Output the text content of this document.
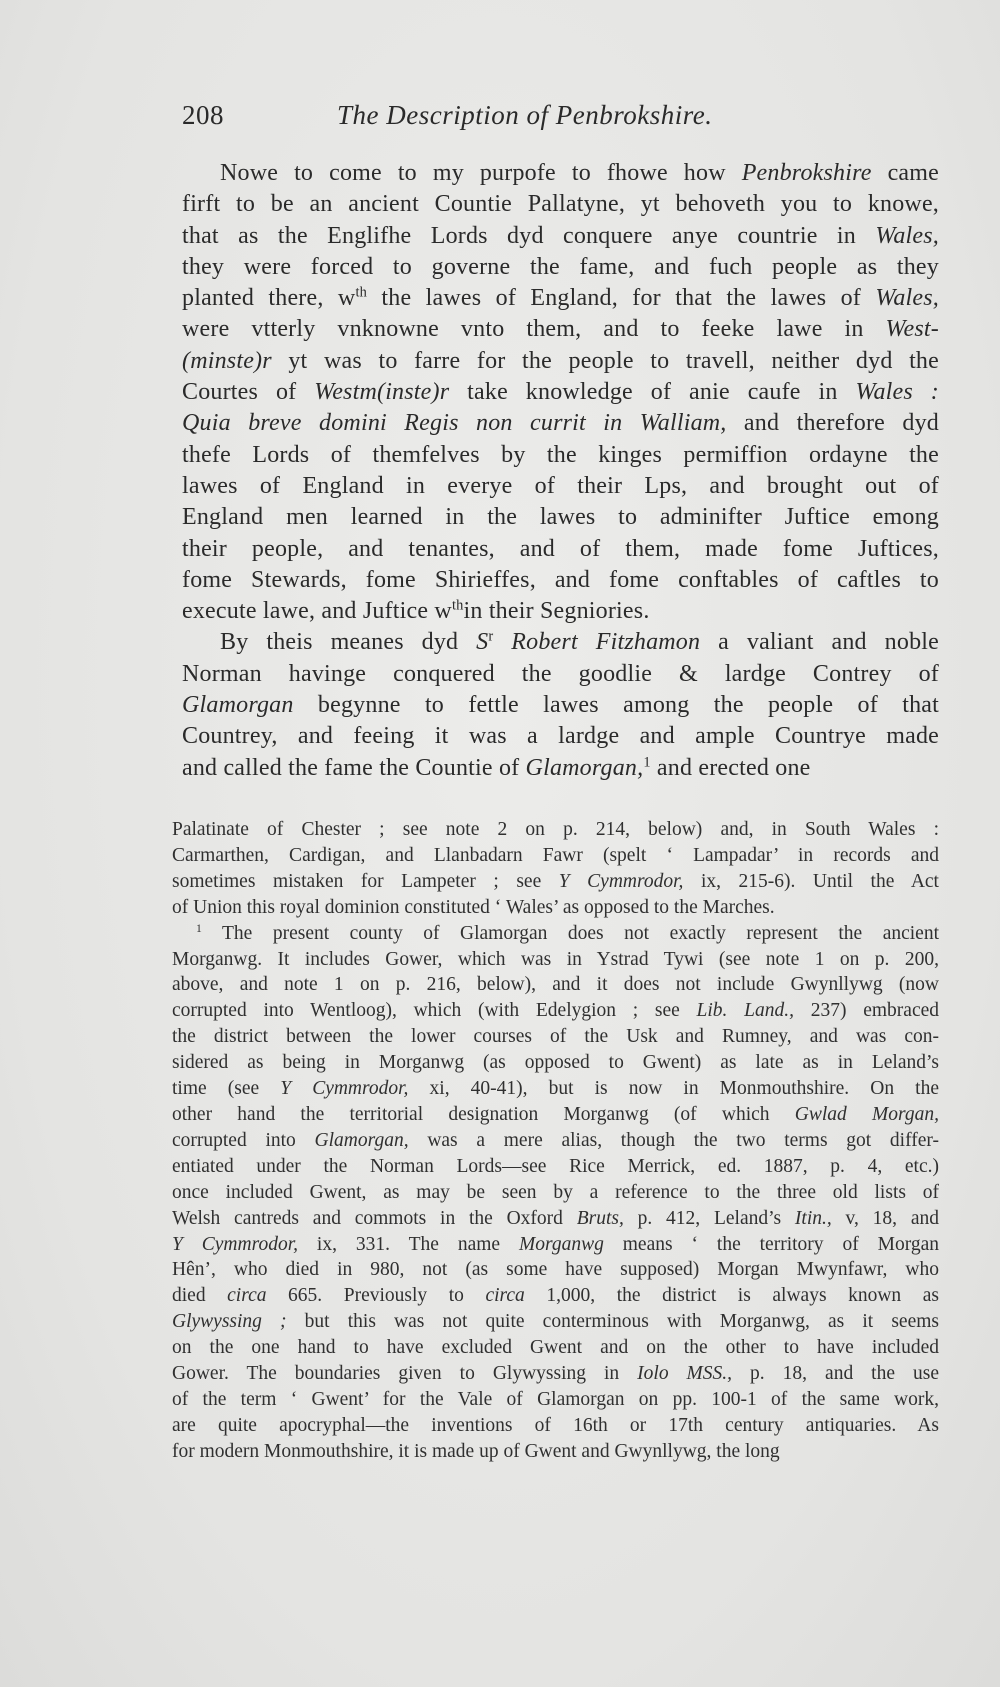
208	The Description of Penbrokshire.
Nowe to come to my purpofe to fhowe how Penbrokshire came
firft to be an ancient Countie Pallatyne, yt behoveth you to knowe,
that as the Englifhe Lords dyd conquere anye countrie in Wales,
they were forced to governe the fame, and fuch people as they
planted there, $w^{th}$ the lawes of England, for that the lawes of Wales,
were vtterly vnknowne vnto them, and to feeke lawe in West-
(minste)r yt was to farre for the people to travell, neither dyd the
Courtes of Westm(inste)r take knowledge of anie caufe in Wales :
Quia breve domini Regis non currit in Walliam, and therefore dyd
thefe Lords of themfelves by the kinges permiffion ordayne the
lawes of England in everye of their Lps, and brought out of
England men learned in the lawes to adminifter Juftice emong
their people, and tenantes, and of them, made fome Juftices,
fome Stewards, fome Shirieffes, and fome conftables of caftles to
execute lawe, and Juftice $w^{th}in$ their Segniories.
By theis meanes dyd $S^r$ Robert Fitzhamon a valiant and noble
Norman havinge conquered the goodlie & lardge Contrey of
Glamorgan begynne to fettle lawes among the people of that
Countrey, and feeing it was a lardge and ample Countrye made
and called the fame the Countie of Glamorgan,$^1$ and erected one
Palatinate of Chester ; see note 2 on p. 214, below) and, in South Wales :
Carmarthen, Cardigan, and Llanbadarn Fawr (spelt ‘ Lampadar’ in records and
sometimes mistaken for Lampeter ; see Y Cymmrodor, ix, 215-6). Until the Act
of Union this royal dominion constituted ‘ Wales’ as opposed to the Marches.
$^1$ The present county of Glamorgan does not exactly represent the ancient
Morganwg. It includes Gower, which was in Ystrad Tywi (see note 1 on p. 200,
above, and note 1 on p. 216, below), and it does not include Gwynllywg (now
corrupted into Wentloog), which (with Edelygion ; see Lib. Land., 237) embraced
the district between the lower courses of the Usk and Rumney, and was con-
sidered as being in Morganwg (as opposed to Gwent) as late as in Leland’s
time (see Y Cymmrodor, xi, 40-41), but is now in Monmouthshire. On the
other hand the territorial designation Morganwg (of which Gwlad Morgan,
corrupted into Glamorgan, was a mere alias, though the two terms got differ-
entiated under the Norman Lords—see Rice Merrick, ed. 1887, p. 4, etc.)
once included Gwent, as may be seen by a reference to the three old lists of
Welsh cantreds and commots in the Oxford Bruts, p. 412, Leland’s Itin., v, 18, and
Y Cymmrodor, ix, 331. The name Morganwg means ‘ the territory of Morgan
Hên’, who died in 980, not (as some have supposed) Morgan Mwynfawr, who
died circa 665. Previously to circa 1,000, the district is always known as
Glywyssing ; but this was not quite conterminous with Morganwg, as it seems
on the one hand to have excluded Gwent and on the other to have included
Gower. The boundaries given to Glywyssing in Iolo MSS., p. 18, and the use
of the term ‘ Gwent’ for the Vale of Glamorgan on pp. 100-1 of the same work,
are quite apocryphal—the inventions of 16th or 17th century antiquaries. As
for modern Monmouthshire, it is made up of Gwent and Gwynllywg, the long
